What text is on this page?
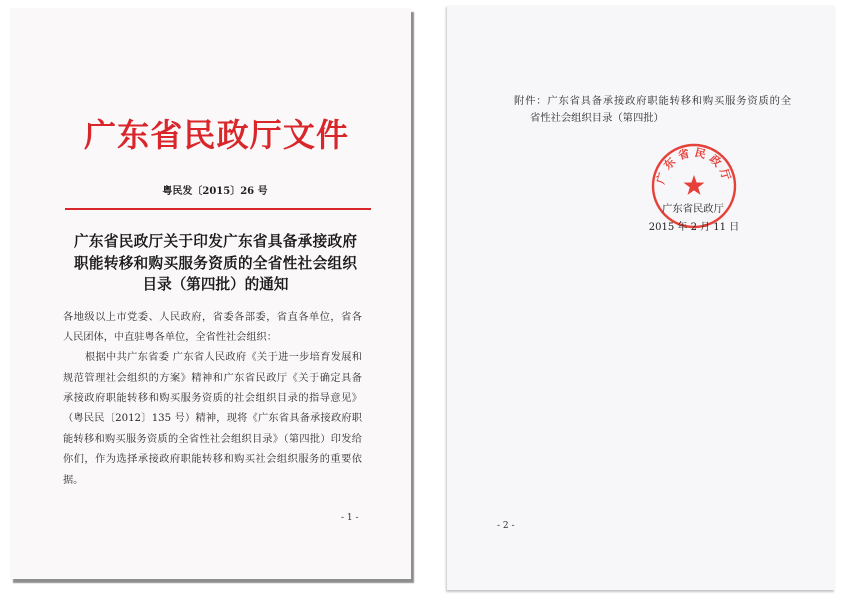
广东省民政厅文件
粤民发〔2015〕26 号
广东省民政厅关于印发广东省具备承接政府
职能转移和购买服务资质的全省性社会组织
目录（第四批）的通知
各地级以上市党委、人民政府，省委各部委，省直各单位，省各
人民团体，中直驻粤各单位，全省性社会组织：
根据中共广东省委 广东省人民政府《关于进一步培育发展和
规范管理社会组织的方案》精神和广东省民政厅《关于确定具备
承接政府职能转移和购买服务资质的社会组织目录的指导意见》
（粤民民〔2012〕135 号）精神，现将《广东省具备承接政府职
能转移和购买服务资质的全省性社会组织目录》（第四批）印发给
你们，作为选择承接政府职能转移和购买社会组织服务的重要依
据。
- 1 -
附件：广东省具备承接政府职能转移和购买服务资质的全
省性社会组织目录（第四批）
广东省民政厅
广东省民政厅
2015 年 2 月 11 日
- 2 -
